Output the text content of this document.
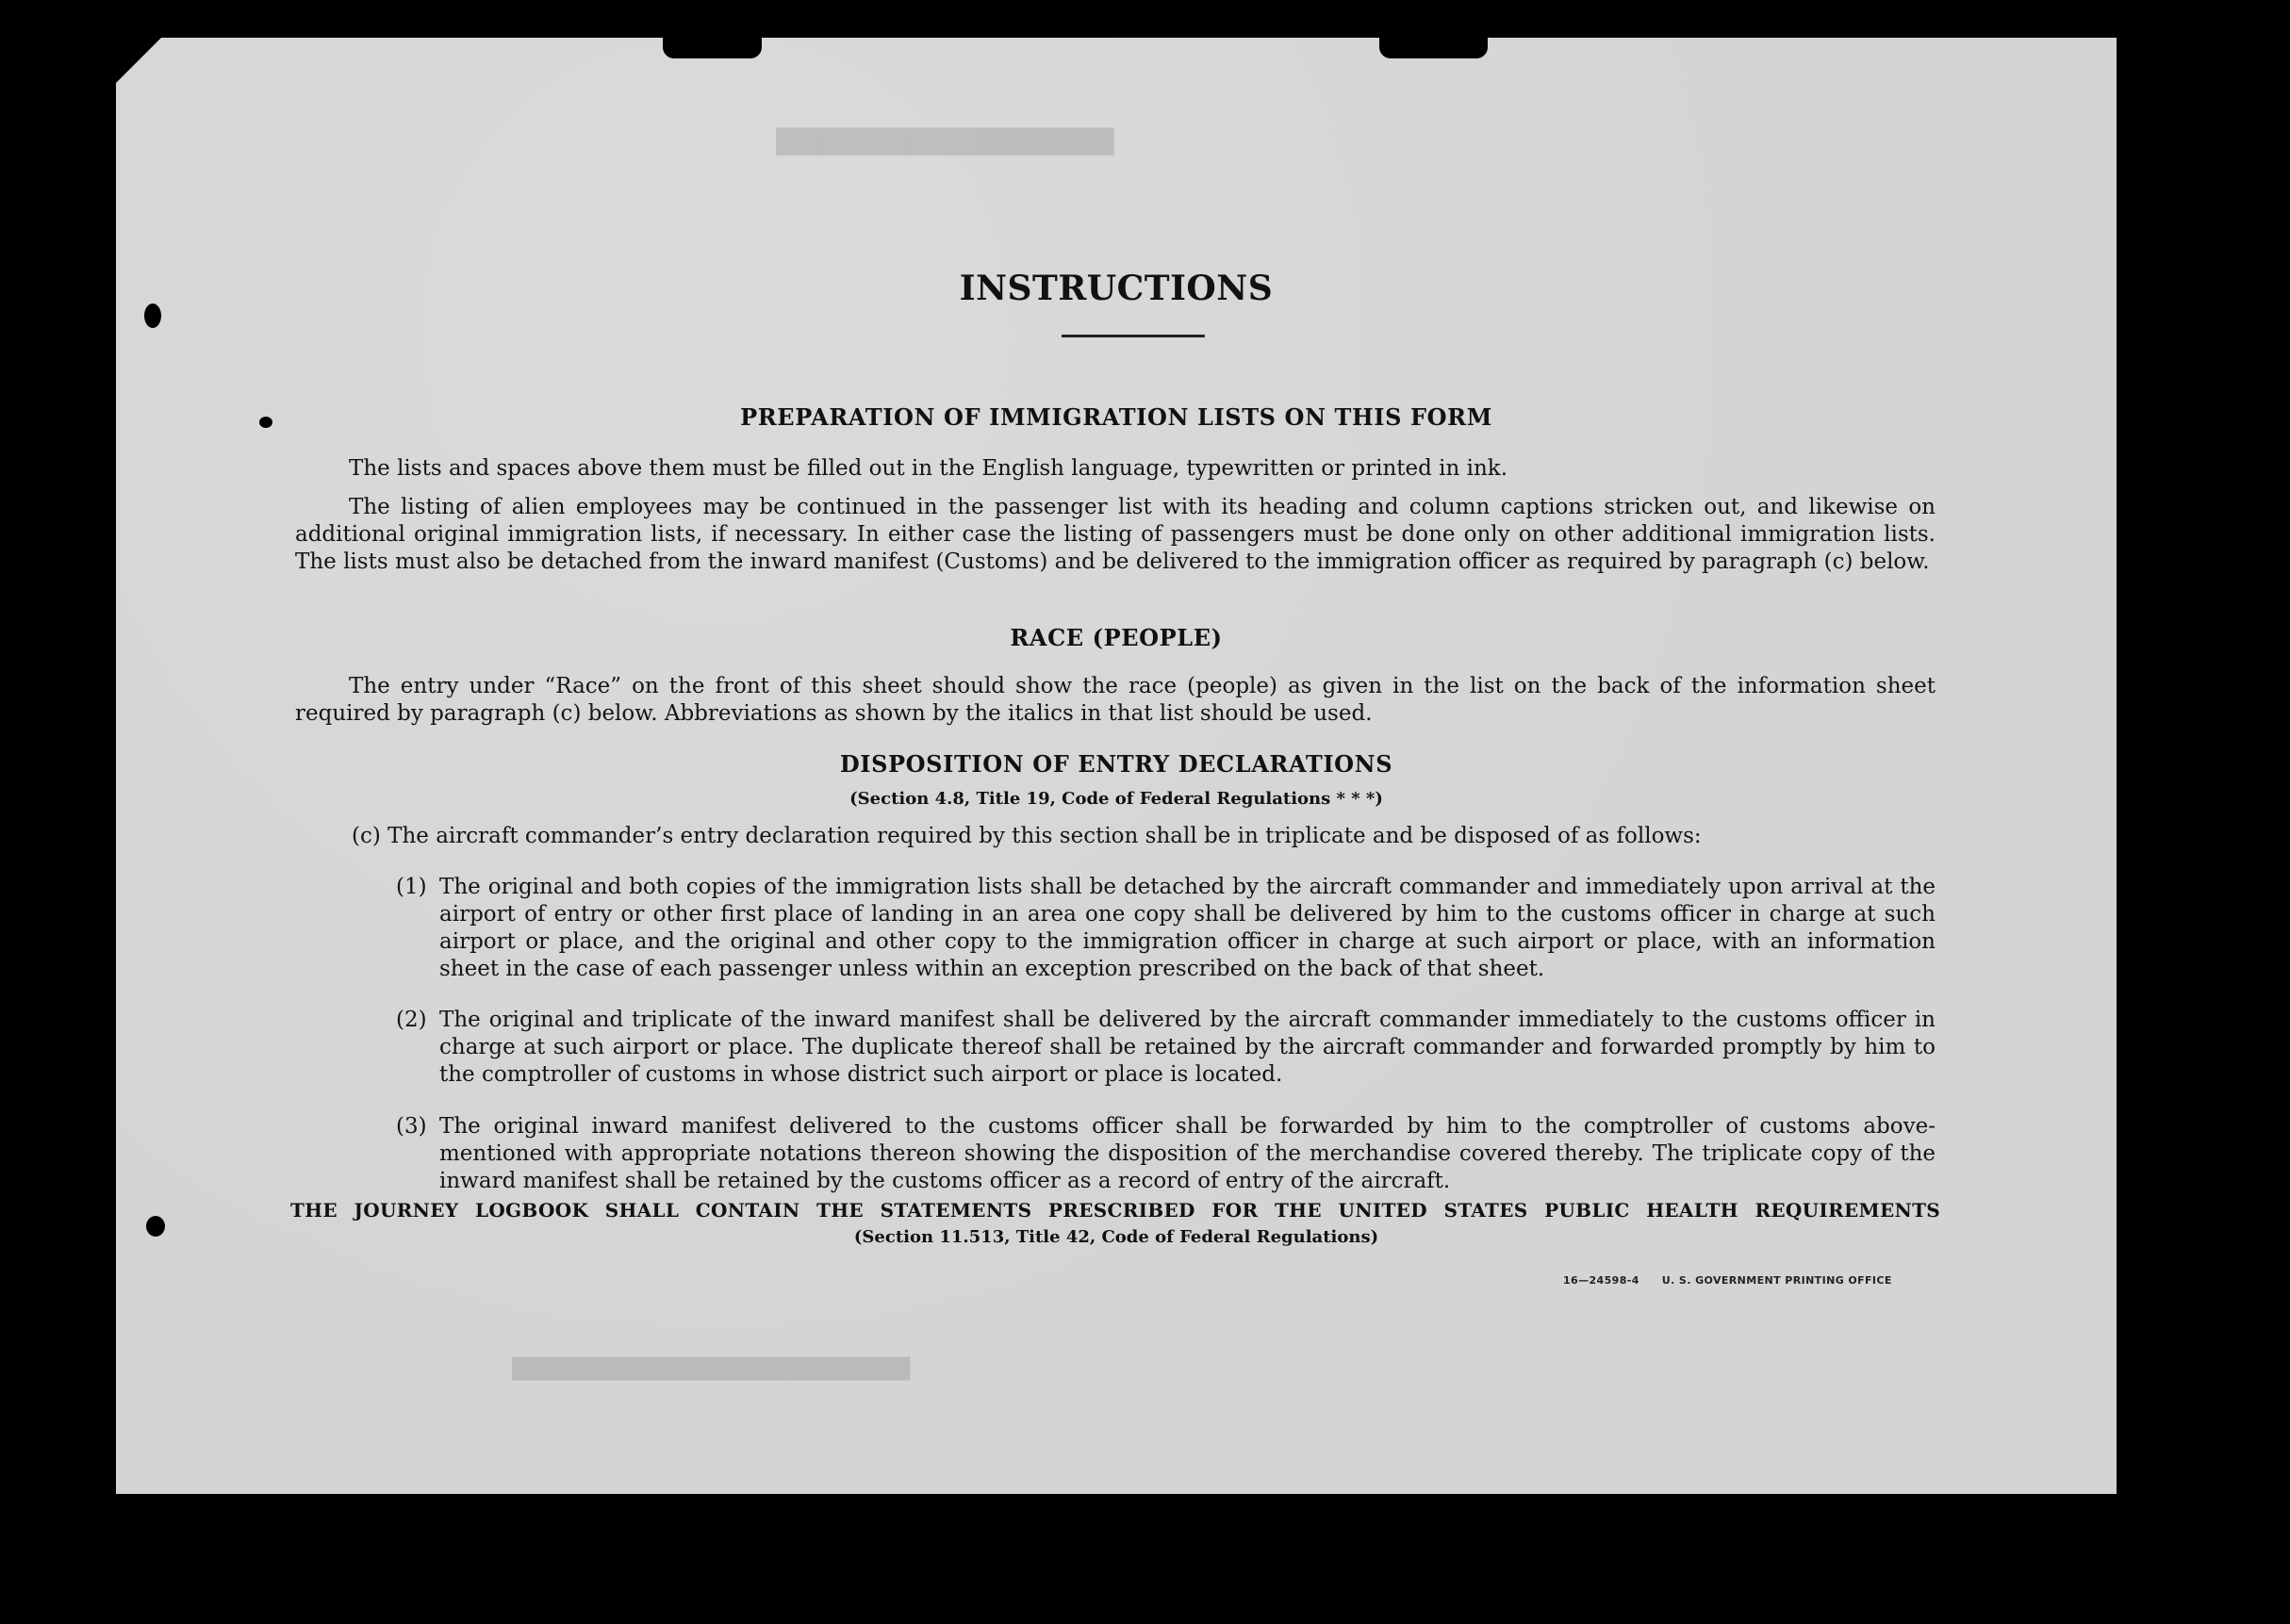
███████████████████████
████████████████████████████████
INSTRUCTIONS
PREPARATION OF IMMIGRATION LISTS ON THIS FORM
The lists and spaces above them must be filled out in the English language, typewritten or printed in ink.
The listing of alien employees may be continued in the passenger list with its heading and column captions stricken out, and likewise on additional original immigration lists, if necessary. In either case the listing of passengers must be done only on other additional immigration lists. The lists must also be detached from the inward manifest (Customs) and be delivered to the immigration officer as required by paragraph (c) below.
RACE (PEOPLE)
The entry under “Race” on the front of this sheet should show the race (people) as given in the list on the back of the information sheet required by paragraph (c) below. Abbreviations as shown by the italics in that list should be used.
DISPOSITION OF ENTRY DECLARATIONS
(Section 4.8, Title 19, Code of Federal Regulations * * *)
(c) The aircraft commander’s entry declaration required by this section shall be in triplicate and be disposed of as follows:
(1) The original and both copies of the immigration lists shall be detached by the aircraft commander and immediately upon arrival at the airport of entry or other first place of landing in an area one copy shall be delivered by him to the customs officer in charge at such airport or place, and the original and other copy to the immigration officer in charge at such airport or place, with an information sheet in the case of each passenger unless within an exception prescribed on the back of that sheet.
(2) The original and triplicate of the inward manifest shall be delivered by the aircraft commander immediately to the customs officer in charge at such airport or place. The duplicate thereof shall be retained by the aircraft commander and forwarded promptly by him to the comptroller of customs in whose district such airport or place is located.
(3) The original inward manifest delivered to the customs officer shall be forwarded by him to the comptroller of customs above-mentioned with appropriate notations thereon showing the disposition of the merchandise covered thereby. The triplicate copy of the inward manifest shall be retained by the customs officer as a record of entry of the aircraft.
THE JOURNEY LOGBOOK SHALL CONTAIN THE STATEMENTS PRESCRIBED FOR THE UNITED STATES PUBLIC HEALTH REQUIREMENTS
(Section 11.513, Title 42, Code of Federal Regulations)
16—24598-4 U. S. GOVERNMENT PRINTING OFFICE
